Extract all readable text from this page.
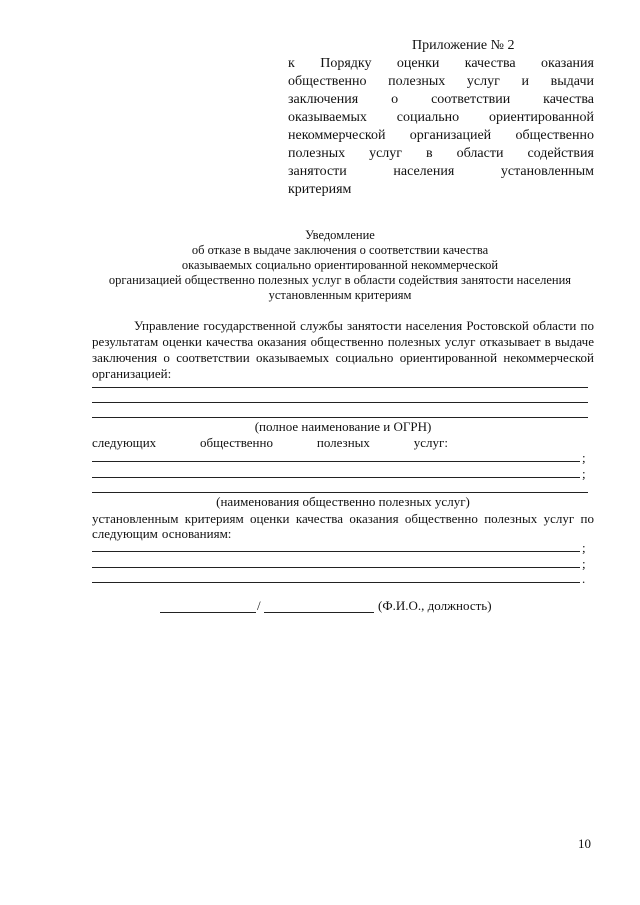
Приложение № 2
к Порядку оценки качества оказания
общественно полезных услуг и выдачи
заключения о соответствии качества
оказываемых социально ориентированной
некоммерческой организацией общественно
полезных услуг в области содействия
занятости	населения	установленным
критериям
Уведомление
об отказе в выдаче заключения о соответствии качества
оказываемых социально ориентированной некоммерческой
организацией общественно полезных услуг в области содействия занятости населения
установленным критериям
Управление государственной службы занятости населения Ростовской области по
результатам оценки качества оказания общественно полезных услуг отказывает в выдаче
заключения о соответствии оказываемых социально ориентированной некоммерческой
организацией:
(полное наименование и ОГРН)
следующих	общественно	полезных	услуг:
;
;
(наименования общественно полезных услуг)
установленным критериям оценки качества оказания общественно полезных услуг по
следующим основаниям:
;
;
.
/	(Ф.И.О., должность)
10
